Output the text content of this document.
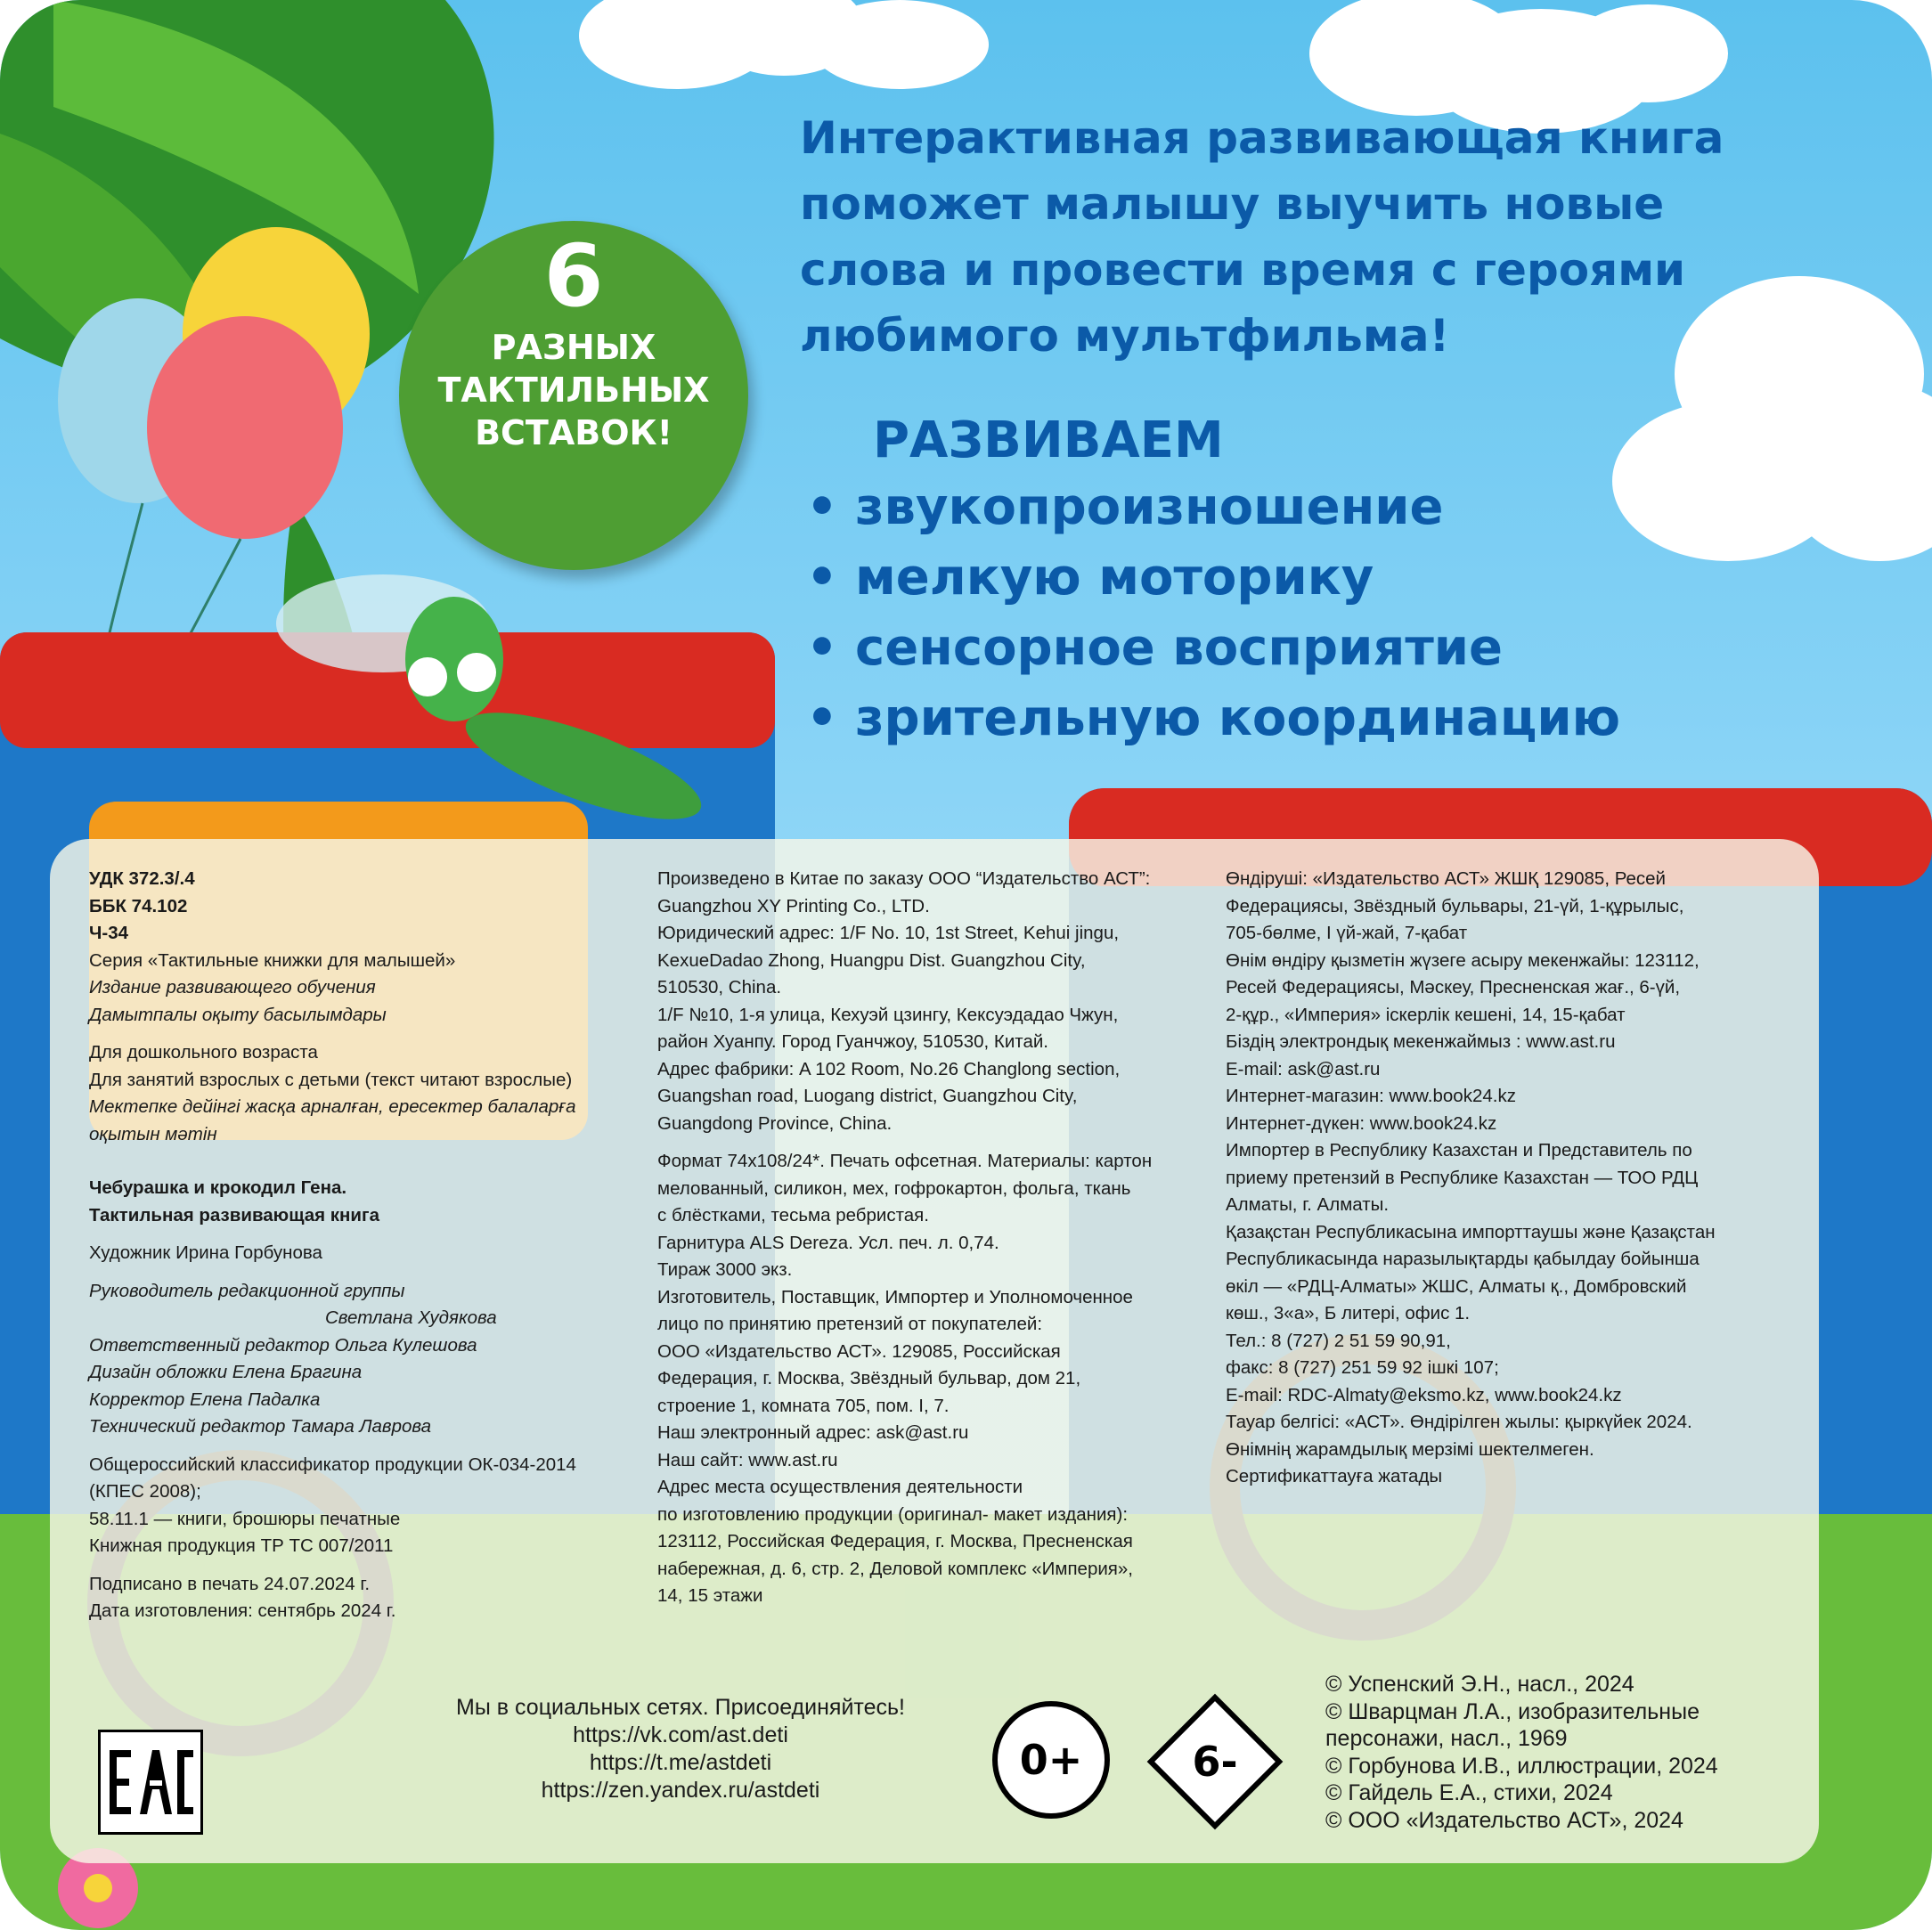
Интерактивная развивающая книга
поможет малышу выучить новые
слова и провести время с героями
любимого мультфильма!
РАЗВИВАЕМ
• звукопроизношение
• мелкую моторику
• сенсорное восприятие
• зрительную координацию
6
РАЗНЫХ
ТАКТИЛЬНЫХ
ВСТАВОК!
УДК 372.3/.4
ББК 74.102
Ч-34
Серия «Тактильные книжки для малышей»
Издание развивающего обучения
Дамытпалы оқыту басылымдары
Для дошкольного возраста
Для занятий взрослых с детьми (текст читают взрослые)
Мектепке дейінгі жасқа арналған, ересектер балаларға
оқытын мәтін
Чебурашка и крокодил Гена.
Тактильная развивающая книга
Художник Ирина Горбунова
Руководитель редакционной группы
Светлана Худякова
Ответственный редактор Ольга Кулешова
Дизайн обложки Елена Брагина
Корректор Елена Падалка
Технический редактор Тамара Лаврова
Общероссийский классификатор продукции ОК-034-2014
(КПЕС 2008);
58.11.1 — книги, брошюры печатные
Книжная продукция ТР ТС 007/2011
Подписано в печать 24.07.2024 г.
Дата изготовления: сентябрь 2024 г.
Произведено в Китае по заказу ООО “Издательство АСТ”:
Guangzhou XY Printing Co., LTD.
Юридический адрес: 1/F No. 10, 1st Street, Kehui jingu,
KexueDadao Zhong, Huangpu Dist. Guangzhou City,
510530, China.
1/F №10, 1-я улица, Кехуэй цзингу, Кексуэдадао Чжун,
район Хуанпу. Город Гуанчжоу, 510530, Китай.
Адрес фабрики: A 102 Room, No.26 Changlong section,
Guangshan road, Luogang district, Guangzhou City,
Guangdong Province, China.
Формат 74x108/24*. Печать офсетная. Материалы: картон
мелованный, силикон, мех, гофрокартон, фольга, ткань
с блёстками, тесьма ребристая.
Гарнитура ALS Dereza. Усл. печ. л. 0,74.
Тираж 3000 экз.
Изготовитель, Поставщик, Импортер и Уполномоченное
лицо по принятию претензий от покупателей:
ООО «Издательство АСТ». 129085, Российская
Федерация, г. Москва, Звёздный бульвар, дом 21,
строение 1, комната 705, пом. I, 7.
Наш электронный адрес: ask@ast.ru
Наш сайт: www.ast.ru
Адрес места осуществления деятельности
по изготовлению продукции (оригинал- макет издания):
123112, Российская Федерация, г. Москва, Пресненская
набережная, д. 6, стр. 2, Деловой комплекс «Империя»,
14, 15 этажи
Өндіруші: «Издательство АСТ» ЖШҚ 129085, Ресей
Федерациясы, Звёздный бульвары, 21-үй, 1-құрылыс,
705-бөлме, I үй-жай, 7-қабат
Өнім өндіру қызметін жүзеге асыру мекенжайы: 123112,
Ресей Федерациясы, Мәскеу, Пресненская жағ., 6-үй,
2-құр., «Империя» іскерлік кешені, 14, 15-қабат
Біздің электрондық мекенжаймыз : www.ast.ru
E-mail: ask@ast.ru
Интернет-магазин: www.book24.kz
Интернет-дүкен: www.book24.kz
Импортер в Республику Казахстан и Представитель по
приему претензий в Республике Казахстан — ТОО РДЦ
Алматы, г. Алматы.
Қазақстан Республикасына импорттаушы және Қазақстан
Республикасында наразылықтарды қабылдау бойынша
өкіл — «РДЦ-Алматы» ЖШС, Алматы қ., Домбровский
көш., 3«а», Б литері, офис 1.
Тел.: 8 (727) 2 51 59 90,91,
факс: 8 (727) 251 59 92 ішкі 107;
E-mail: RDC-Almaty@eksmo.kz, www.book24.kz
Тауар белгісі: «АСТ». Өндірілген жылы: қыркүйек 2024.
Өнімнің жарамдылық мерзімі шектелмеген.
Сертификаттауға жатады
Мы в социальных сетях. Присоединяйтесь!
https://vk.com/ast.deti
https://t.me/astdeti
https://zen.yandex.ru/astdeti
0+	6-
© Успенский Э.Н., насл., 2024
© Шварцман Л.А., изобразительные
персонажи, насл., 1969
© Горбунова И.В., иллюстрации, 2024
© Гайдель Е.А., стихи, 2024
© ООО «Издательство АСТ», 2024
